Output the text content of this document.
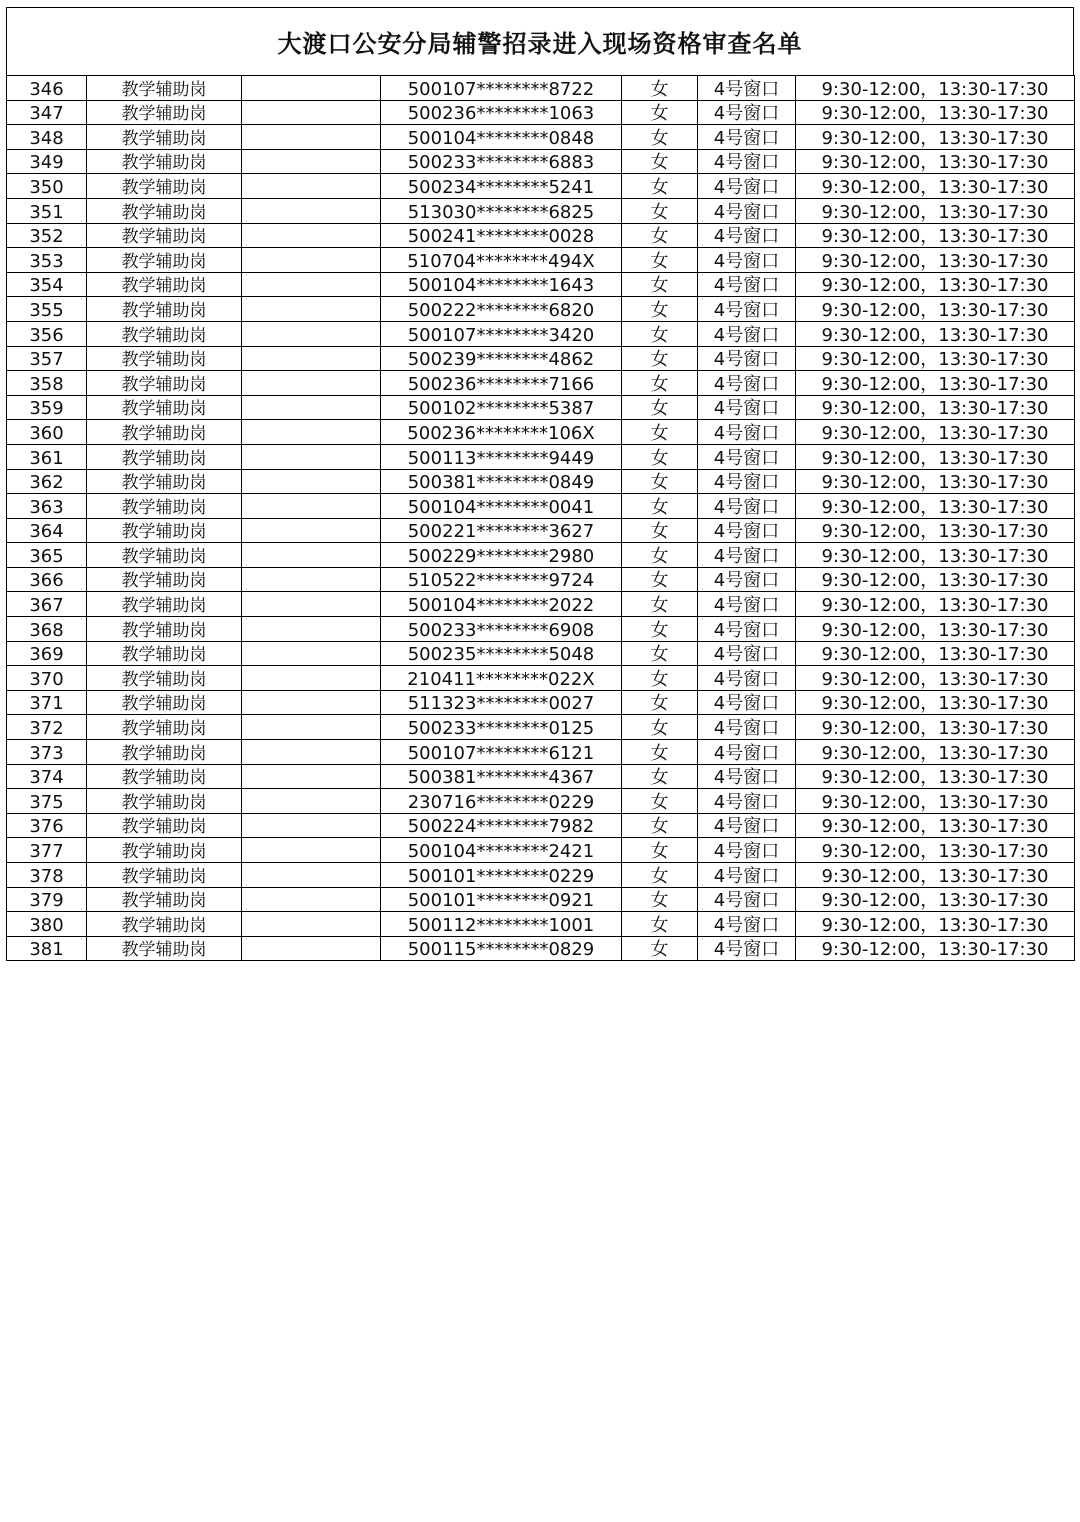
大渡口公安分局辅警招录进入现场资格审查名单
346	教学辅助岗		500107********8722	女	4号窗口	9:30-12:00，13:30-17:30
347	教学辅助岗		500236********1063	女	4号窗口	9:30-12:00，13:30-17:30
348	教学辅助岗		500104********0848	女	4号窗口	9:30-12:00，13:30-17:30
349	教学辅助岗		500233********6883	女	4号窗口	9:30-12:00，13:30-17:30
350	教学辅助岗		500234********5241	女	4号窗口	9:30-12:00，13:30-17:30
351	教学辅助岗		513030********6825	女	4号窗口	9:30-12:00，13:30-17:30
352	教学辅助岗		500241********0028	女	4号窗口	9:30-12:00，13:30-17:30
353	教学辅助岗		510704********494X	女	4号窗口	9:30-12:00，13:30-17:30
354	教学辅助岗		500104********1643	女	4号窗口	9:30-12:00，13:30-17:30
355	教学辅助岗		500222********6820	女	4号窗口	9:30-12:00，13:30-17:30
356	教学辅助岗		500107********3420	女	4号窗口	9:30-12:00，13:30-17:30
357	教学辅助岗		500239********4862	女	4号窗口	9:30-12:00，13:30-17:30
358	教学辅助岗		500236********7166	女	4号窗口	9:30-12:00，13:30-17:30
359	教学辅助岗		500102********5387	女	4号窗口	9:30-12:00，13:30-17:30
360	教学辅助岗		500236********106X	女	4号窗口	9:30-12:00，13:30-17:30
361	教学辅助岗		500113********9449	女	4号窗口	9:30-12:00，13:30-17:30
362	教学辅助岗		500381********0849	女	4号窗口	9:30-12:00，13:30-17:30
363	教学辅助岗		500104********0041	女	4号窗口	9:30-12:00，13:30-17:30
364	教学辅助岗		500221********3627	女	4号窗口	9:30-12:00，13:30-17:30
365	教学辅助岗		500229********2980	女	4号窗口	9:30-12:00，13:30-17:30
366	教学辅助岗		510522********9724	女	4号窗口	9:30-12:00，13:30-17:30
367	教学辅助岗		500104********2022	女	4号窗口	9:30-12:00，13:30-17:30
368	教学辅助岗		500233********6908	女	4号窗口	9:30-12:00，13:30-17:30
369	教学辅助岗		500235********5048	女	4号窗口	9:30-12:00，13:30-17:30
370	教学辅助岗		210411********022X	女	4号窗口	9:30-12:00，13:30-17:30
371	教学辅助岗		511323********0027	女	4号窗口	9:30-12:00，13:30-17:30
372	教学辅助岗		500233********0125	女	4号窗口	9:30-12:00，13:30-17:30
373	教学辅助岗		500107********6121	女	4号窗口	9:30-12:00，13:30-17:30
374	教学辅助岗		500381********4367	女	4号窗口	9:30-12:00，13:30-17:30
375	教学辅助岗		230716********0229	女	4号窗口	9:30-12:00，13:30-17:30
376	教学辅助岗		500224********7982	女	4号窗口	9:30-12:00，13:30-17:30
377	教学辅助岗		500104********2421	女	4号窗口	9:30-12:00，13:30-17:30
378	教学辅助岗		500101********0229	女	4号窗口	9:30-12:00，13:30-17:30
379	教学辅助岗		500101********0921	女	4号窗口	9:30-12:00，13:30-17:30
380	教学辅助岗		500112********1001	女	4号窗口	9:30-12:00，13:30-17:30
381	教学辅助岗		500115********0829	女	4号窗口	9:30-12:00，13:30-17:30
